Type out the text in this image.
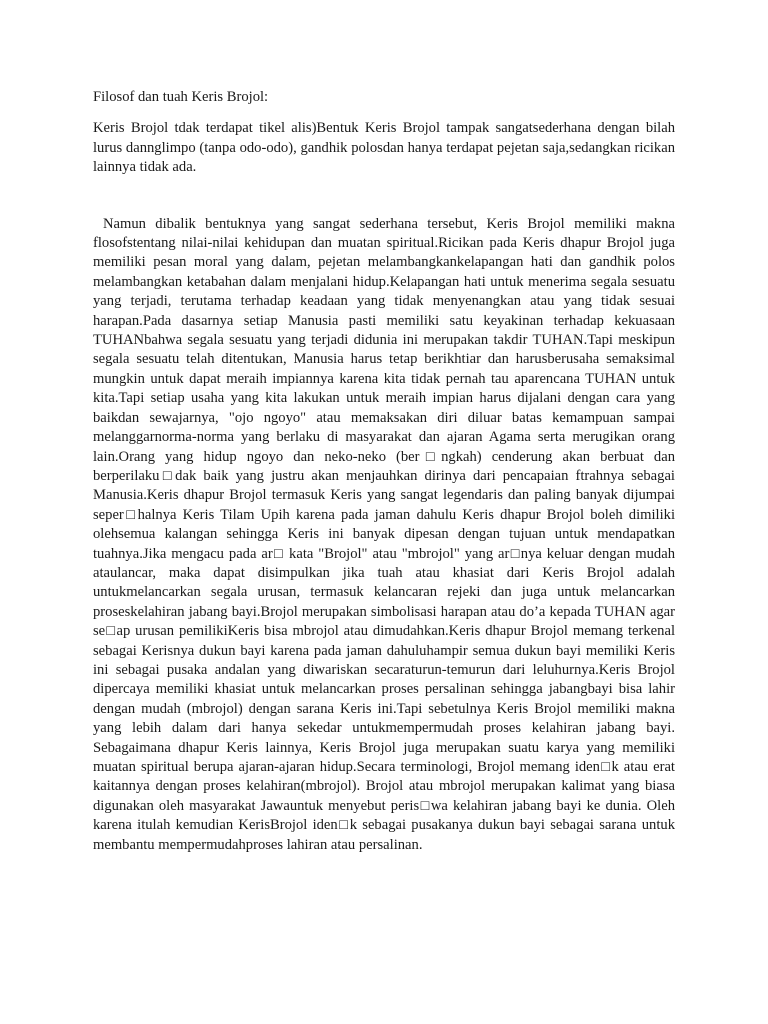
Filosof dan tuah Keris Brojol:

Keris Brojol tdak terdapat tikel alis)Bentuk Keris Brojol tampak sangatsederhana dengan bilah lurus dannglimpo (tanpa odo-odo), gandhik polosdan hanya terdapat pejetan saja,sedangkan ricikan lainnya tidak ada.

Namun dibalik bentuknya yang sangat sederhana tersebut, Keris Brojol memiliki makna flosofstentang nilai-nilai kehidupan dan muatan spiritual.Ricikan pada Keris dhapur Brojol juga memiliki pesan moral yang dalam, pejetan melambangkankelapangan hati dan gandhik polos melambangkan ketabahan dalam menjalani hidup.Kelapangan hati untuk menerima segala sesuatu yang terjadi, terutama terhadap keadaan yang tidak menyenangkan atau yang tidak sesuai harapan.Pada dasarnya setiap Manusia pasti memiliki satu keyakinan terhadap kekuasaan TUHANbahwa segala sesuatu yang terjadi didunia ini merupakan takdir TUHAN.Tapi meskipun segala sesuatu telah ditentukan, Manusia harus tetap berikhtiar dan harusberusaha semaksimal mungkin untuk dapat meraih impiannya karena kita tidak pernah tau aparencana TUHAN untuk kita.Tapi setiap usaha yang kita lakukan untuk meraih impian harus dijalani dengan cara yang baikdan sewajarnya, "ojo ngoyo" atau memaksakan diri diluar batas kemampuan sampai melanggarnorma-norma yang berlaku di masyarakat dan ajaran Agama serta merugikan orang lain.Orang yang hidup ngoyo dan neko-neko (ber□ngkah) cenderung akan berbuat dan berperilaku□dak baik yang justru akan menjauhkan dirinya dari pencapaian ftrahnya sebagai Manusia.Keris dhapur Brojol termasuk Keris yang sangat legendaris dan paling banyak dijumpai seper□halnya Keris Tilam Upih karena pada jaman dahulu Keris dhapur Brojol boleh dimiliki olehsemua kalangan sehingga Keris ini banyak dipesan dengan tujuan untuk mendapatkan tuahnya.Jika mengacu pada ar□ kata "Brojol" atau "mbrojol" yang ar□nya keluar dengan mudah ataulancar, maka dapat disimpulkan jika tuah atau khasiat dari Keris Brojol adalah untukmelancarkan segala urusan, termasuk kelancaran rejeki dan juga untuk melancarkan proseskelahiran jabang bayi.Brojol merupakan simbolisasi harapan atau do’a kepada TUHAN agar se□ap urusan pemilikiKeris bisa mbrojol atau dimudahkan.Keris dhapur Brojol memang terkenal sebagai Kerisnya dukun bayi karena pada jaman dahuluhampir semua dukun bayi memiliki Keris ini sebagai pusaka andalan yang diwariskan secaraturun-temurun dari leluhurnya.Keris Brojol dipercaya memiliki khasiat untuk melancarkan proses persalinan sehingga jabangbayi bisa lahir dengan mudah (mbrojol) dengan sarana Keris ini.Tapi sebetulnya Keris Brojol memiliki makna yang lebih dalam dari hanya sekedar untukmempermudah proses kelahiran jabang bayi. Sebagaimana dhapur Keris lainnya, Keris Brojol juga merupakan suatu karya yang memiliki muatan spiritual berupa ajaran-ajaran hidup.Secara terminologi, Brojol memang iden□k atau erat kaitannya dengan proses kelahiran(mbrojol). Brojol atau mbrojol merupakan kalimat yang biasa digunakan oleh masyarakat Jawauntuk menyebut peris□wa kelahiran jabang bayi ke dunia. Oleh karena itulah kemudian KerisBrojol iden□k sebagai pusakanya dukun bayi sebagai sarana untuk membantu mempermudahproses lahiran atau persalinan.
